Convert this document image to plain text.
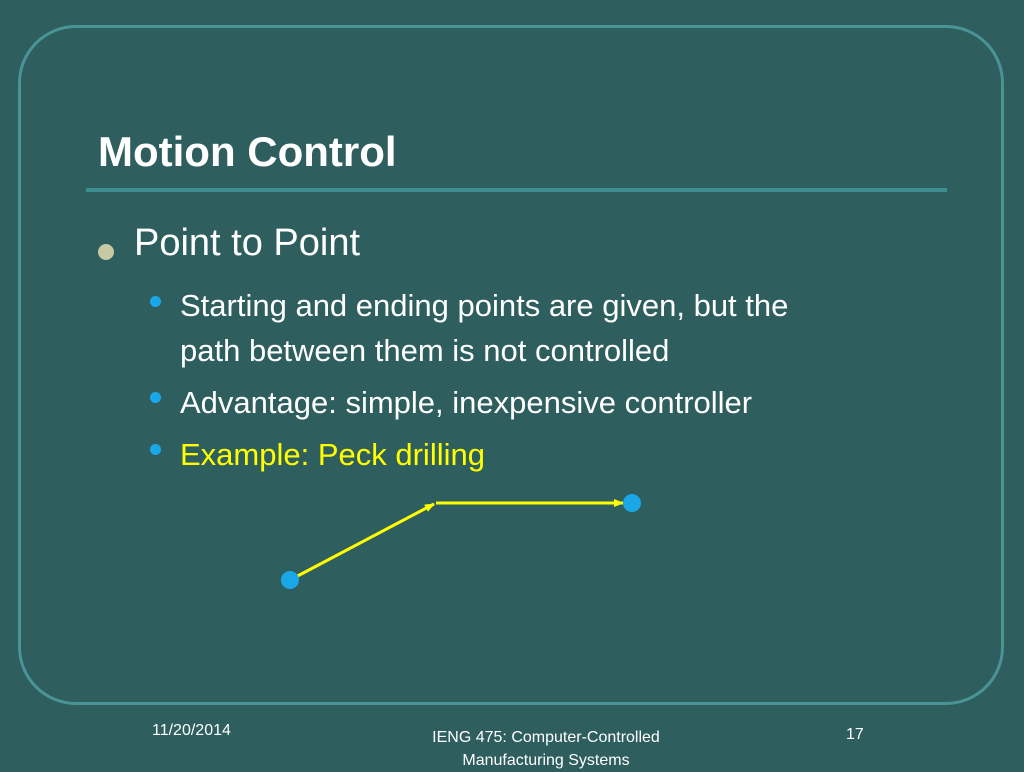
Motion Control
Point to Point
Starting and ending points are given, but the
path between them is not controlled
Advantage: simple, inexpensive controller
Example: Peck drilling
11/20/2014	IENG 475: Computer-Controlled
Manufacturing Systems
17
